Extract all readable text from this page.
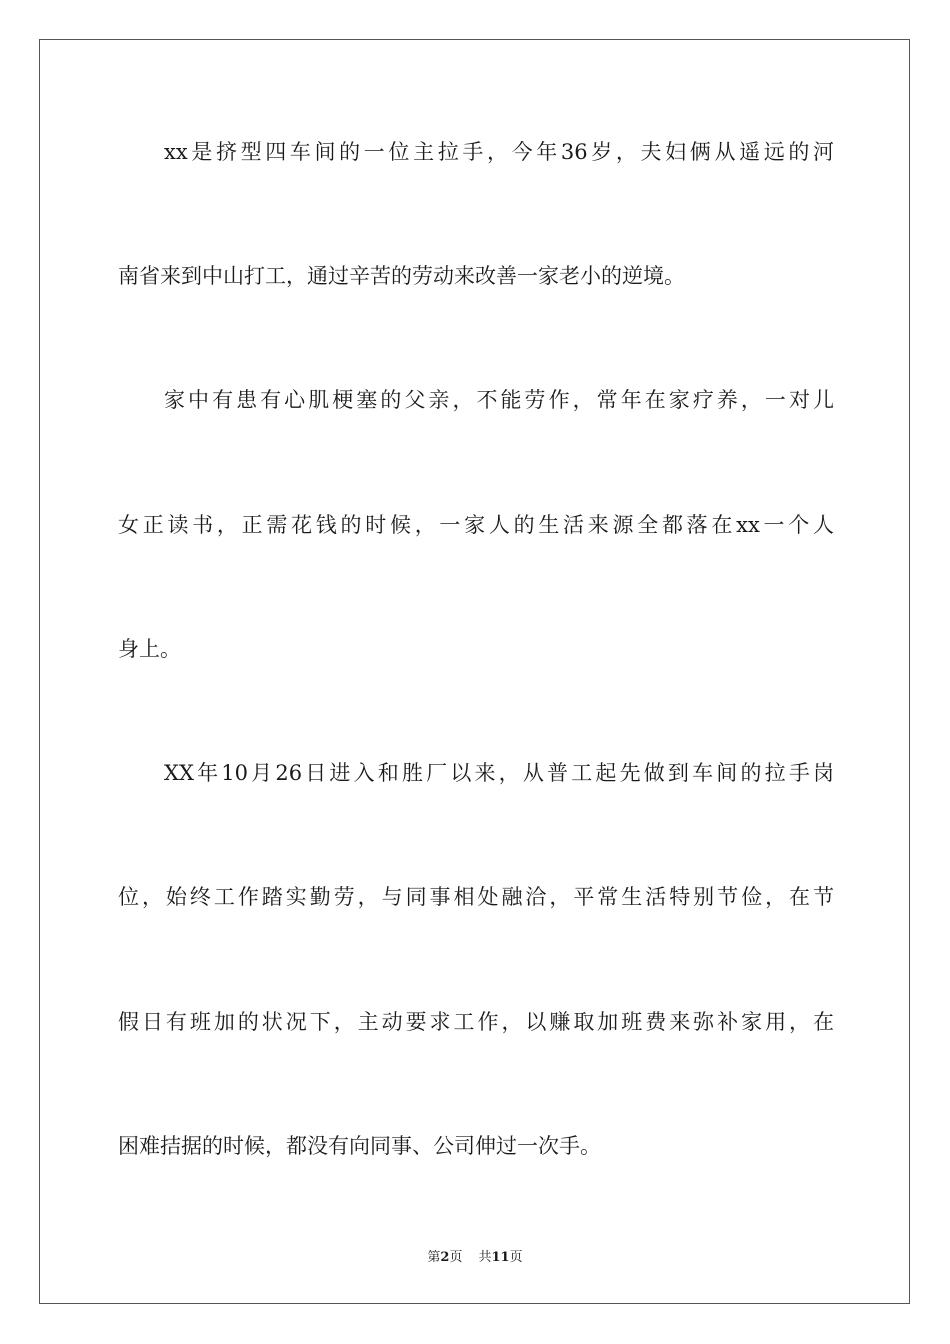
xx是挤型四车间的一位主拉手，今年36岁，夫妇俩从遥远的河

南省来到中山打工，通过辛苦的劳动来改善一家老小的逆境。

家中有患有心肌梗塞的父亲，不能劳作，常年在家疗养，一对儿

女正读书，正需花钱的时候，一家人的生活来源全都落在xx一个人

身上。

XX年10月26日进入和胜厂以来，从普工起先做到车间的拉手岗

位，始终工作踏实勤劳，与同事相处融洽，平常生活特别节俭，在节

假日有班加的状况下，主动要求工作，以赚取加班费来弥补家用，在

困难拮据的时候，都没有向同事、公司伸过一次手。

第2页 共11页
